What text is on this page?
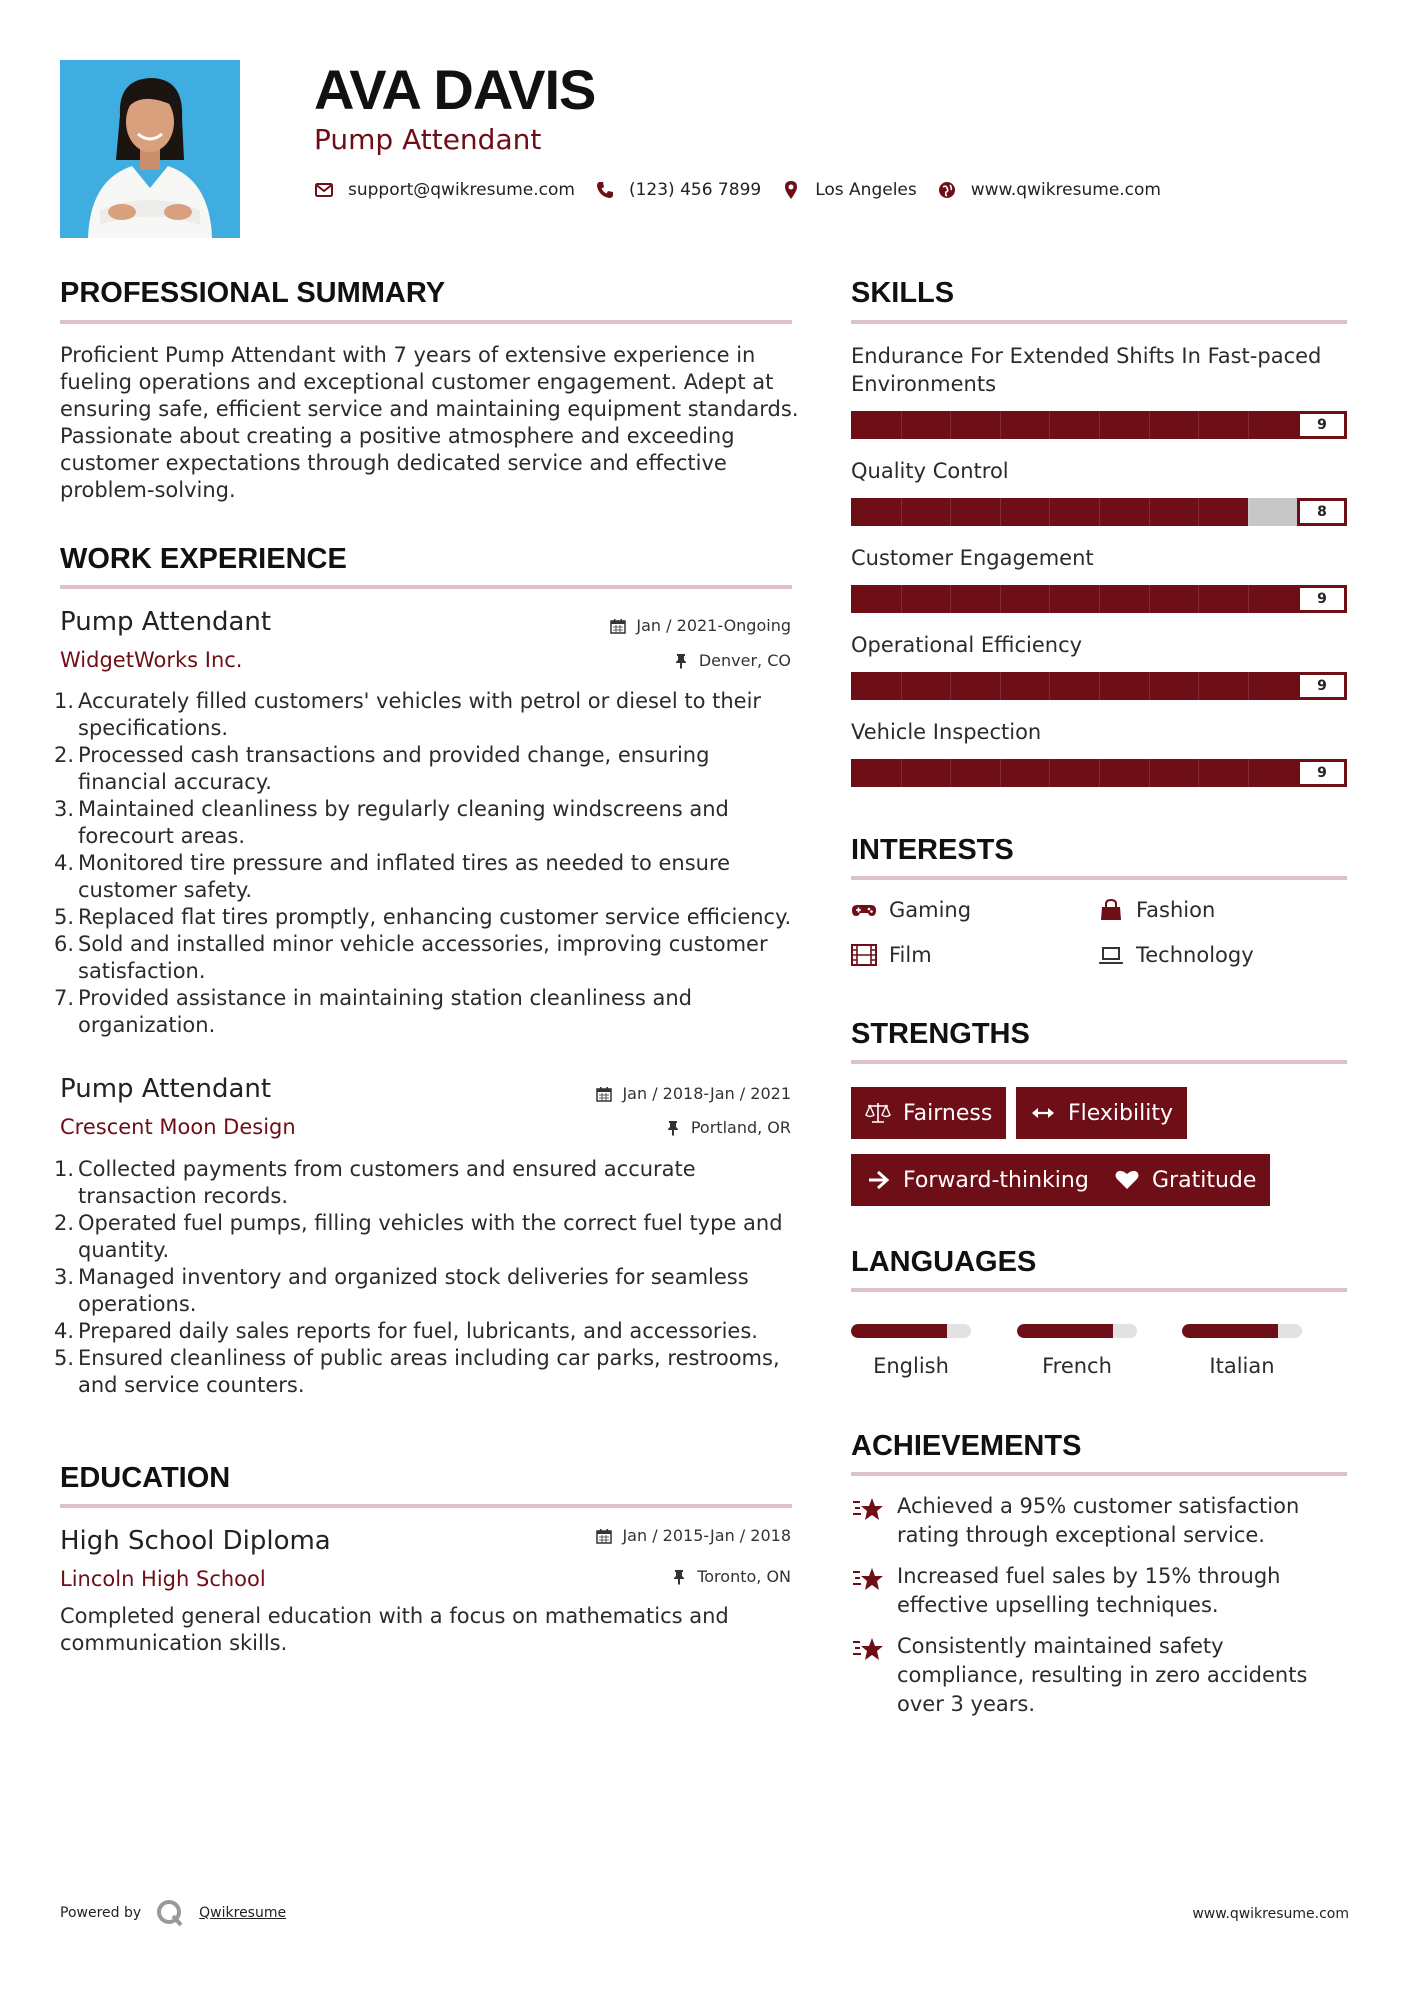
AVA DAVIS
Pump Attendant
support@qwikresume.com	(123) 456 7899	Los Angeles	www.qwikresume.com
PROFESSIONAL SUMMARY
Proficient Pump Attendant with 7 years of extensive experience in fueling operations and exceptional customer engagement. Adept at ensuring safe, efficient service and maintaining equipment standards. Passionate about creating a positive atmosphere and exceeding customer expectations through dedicated service and effective problem-solving.
WORK EXPERIENCE
Pump Attendant
WidgetWorks Inc.
Jan / 2021-Ongoing
Denver, CO
1. Accurately filled customers' vehicles with petrol or diesel to their specifications.
2. Processed cash transactions and provided change, ensuring financial accuracy.
3. Maintained cleanliness by regularly cleaning windscreens and forecourt areas.
4. Monitored tire pressure and inflated tires as needed to ensure customer safety.
5. Replaced flat tires promptly, enhancing customer service efficiency.
6. Sold and installed minor vehicle accessories, improving customer satisfaction.
7. Provided assistance in maintaining station cleanliness and organization.
Pump Attendant
Crescent Moon Design
Jan / 2018-Jan / 2021
Portland, OR
1. Collected payments from customers and ensured accurate transaction records.
2. Operated fuel pumps, filling vehicles with the correct fuel type and quantity.
3. Managed inventory and organized stock deliveries for seamless operations.
4. Prepared daily sales reports for fuel, lubricants, and accessories.
5. Ensured cleanliness of public areas including car parks, restrooms, and service counters.
EDUCATION
High School Diploma
Lincoln High School
Jan / 2015-Jan / 2018
Toronto, ON
Completed general education with a focus on mathematics and communication skills.
SKILLS
Endurance For Extended Shifts In Fast-paced Environments
9
Quality Control
8
Customer Engagement
9
Operational Efficiency
9
Vehicle Inspection
9
INTERESTS
Gaming	Fashion
Film	Technology
STRENGTHS
Fairness	Flexibility
Forward-thinking	Gratitude
LANGUAGES
English	French	Italian
ACHIEVEMENTS
Achieved a 95% customer satisfaction rating through exceptional service.
Increased fuel sales by 15% through effective upselling techniques.
Consistently maintained safety compliance, resulting in zero accidents over 3 years.
Powered by	Qwikresume	www.qwikresume.com
